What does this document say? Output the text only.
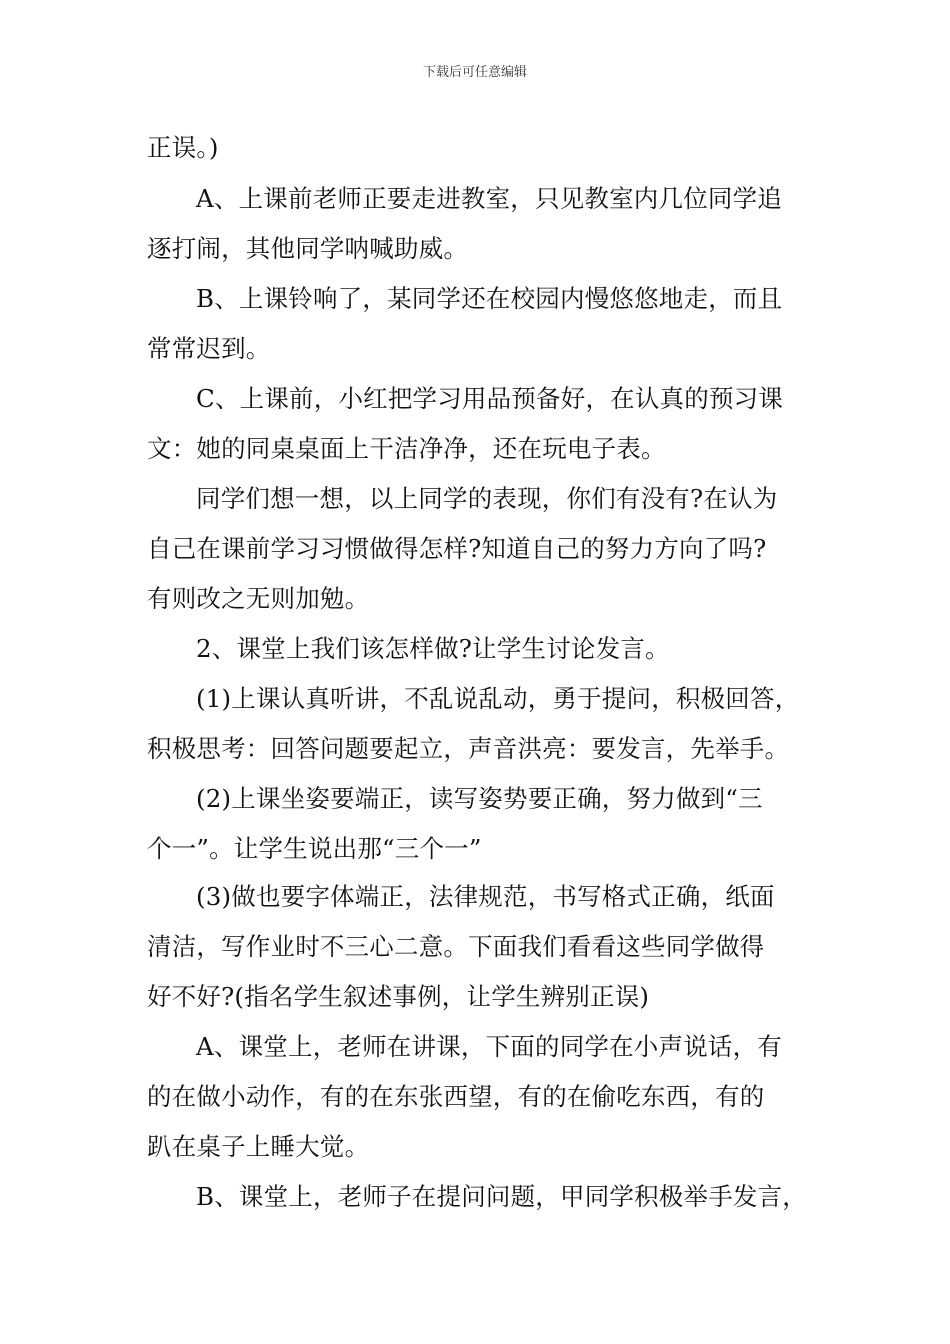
下载后可任意编辑
正误。)
A、上课前老师正要走进教室，只见教室内几位同学追
逐打闹，其他同学呐喊助威。
B、上课铃响了，某同学还在校园内慢悠悠地走，而且
常常迟到。
C、上课前，小红把学习用品预备好，在认真的预习课
文：她的同桌桌面上干洁净净，还在玩电子表。
同学们想一想，以上同学的表现，你们有没有?在认为
自己在课前学习习惯做得怎样?知道自己的努力方向了吗?
有则改之无则加勉。
2、课堂上我们该怎样做?让学生讨论发言。
(1)上课认真听讲，不乱说乱动，勇于提问，积极回答，
积极思考：回答问题要起立，声音洪亮：要发言，先举手。
(2)上课坐姿要端正，读写姿势要正确，努力做到“三
个一”。让学生说出那“三个一”
(3)做也要字体端正，法律规范，书写格式正确，纸面
清洁，写作业时不三心二意。下面我们看看这些同学做得
好不好?(指名学生叙述事例，让学生辨别正误)
A、课堂上，老师在讲课，下面的同学在小声说话，有
的在做小动作，有的在东张西望，有的在偷吃东西，有的
趴在桌子上睡大觉。
B、课堂上，老师子在提问问题，甲同学积极举手发言，
